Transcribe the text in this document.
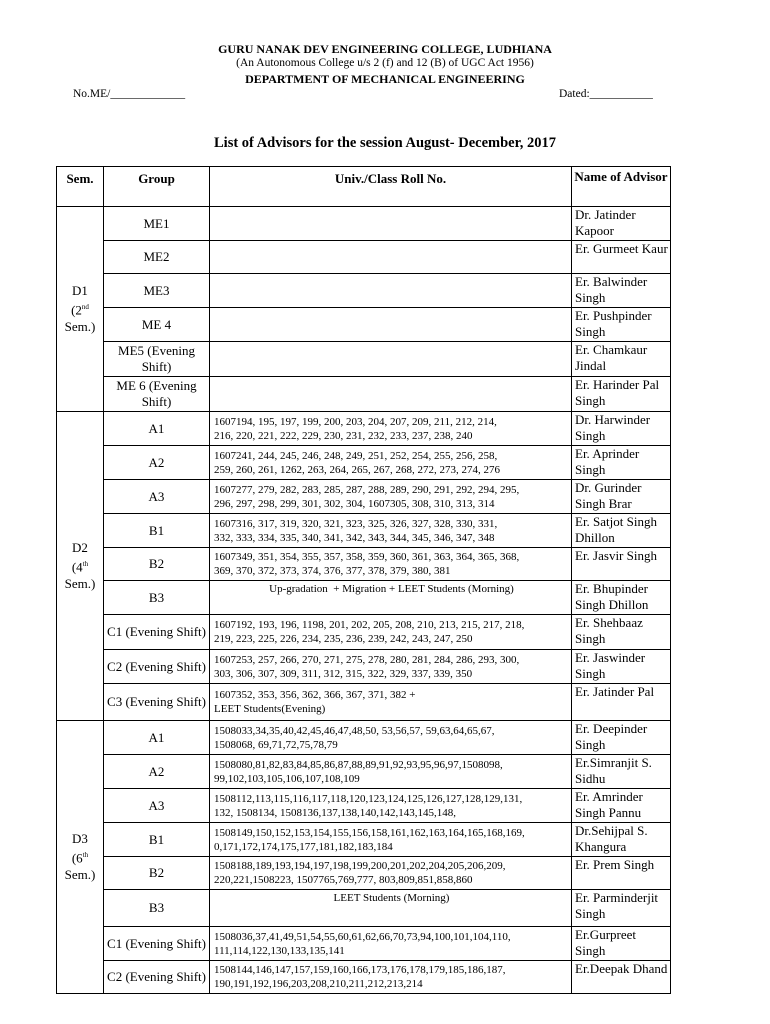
GURU NANAK DEV ENGINEERING COLLEGE, LUDHIANA
(An Autonomous College u/s 2 (f) and 12 (B) of UGC Act 1956)
DEPARTMENT OF MECHANICAL ENGINEERING
No.ME/_____________	Dated:___________
List of Advisors for the session August- December, 2017
Sem.	Group	Univ./Class Roll No.	Name of Advisor
D1
(2nd
Sem.)	ME1		Dr. Jatinder Kapoor
	ME2		Er. Gurmeet Kaur
	ME3		Er. Balwinder Singh
	ME 4		Er. Pushpinder Singh
	ME5 (Evening Shift)		Er. Chamkaur Jindal
	ME 6 (Evening Shift)		Er. Harinder Pal Singh
D2
(4th
Sem.)	A1	1607194, 195, 197, 199, 200, 203, 204, 207, 209, 211, 212, 214,
216, 220, 221, 222, 229, 230, 231, 232, 233, 237, 238, 240	Dr. Harwinder Singh
	A2	1607241, 244, 245, 246, 248, 249, 251, 252, 254, 255, 256, 258,
259, 260, 261, 1262, 263, 264, 265, 267, 268, 272, 273, 274, 276	Er. Aprinder Singh
	A3	1607277, 279, 282, 283, 285, 287, 288, 289, 290, 291, 292, 294, 295,
296, 297, 298, 299, 301, 302, 304, 1607305, 308, 310, 313, 314	Dr. Gurinder Singh Brar
	B1	1607316, 317, 319, 320, 321, 323, 325, 326, 327, 328, 330, 331,
332, 333, 334, 335, 340, 341, 342, 343, 344, 345, 346, 347, 348	Er. Satjot Singh Dhillon
	B2	1607349, 351, 354, 355, 357, 358, 359, 360, 361, 363, 364, 365, 368,
369, 370, 372, 373, 374, 376, 377, 378, 379, 380, 381	Er. Jasvir Singh
	B3	Up-gradation  + Migration + LEET Students (Morning)	Er. Bhupinder Singh Dhillon
	C1 (Evening Shift)	1607192, 193, 196, 1198, 201, 202, 205, 208, 210, 213, 215, 217, 218,
219, 223, 225, 226, 234, 235, 236, 239, 242, 243, 247, 250	Er. Shehbaaz Singh
	C2 (Evening Shift)	1607253, 257, 266, 270, 271, 275, 278, 280, 281, 284, 286, 293, 300,
303, 306, 307, 309, 311, 312, 315, 322, 329, 337, 339, 350	Er. Jaswinder Singh
	C3 (Evening Shift)	1607352, 353, 356, 362, 366, 367, 371, 382 +
LEET Students(Evening)	Er. Jatinder Pal
D3
(6th
Sem.)	A1	1508033,34,35,40,42,45,46,47,48,50, 53,56,57, 59,63,64,65,67,
1508068, 69,71,72,75,78,79	Er. Deepinder Singh
	A2	1508080,81,82,83,84,85,86,87,88,89,91,92,93,95,96,97,1508098,
99,102,103,105,106,107,108,109	Er.Simranjit S. Sidhu
	A3	1508112,113,115,116,117,118,120,123,124,125,126,127,128,129,131,
132, 1508134, 1508136,137,138,140,142,143,145,148,	Er. Amrinder Singh Pannu
	B1	1508149,150,152,153,154,155,156,158,161,162,163,164,165,168,169,
0,171,172,174,175,177,181,182,183,184	Dr.Sehijpal S. Khangura
	B2	1508188,189,193,194,197,198,199,200,201,202,204,205,206,209,
220,221,1508223, 1507765,769,777, 803,809,851,858,860	Er. Prem Singh
	B3	LEET Students (Morning)	Er. Parminderjit Singh
	C1 (Evening Shift)	1508036,37,41,49,51,54,55,60,61,62,66,70,73,94,100,101,104,110,
111,114,122,130,133,135,141	Er.Gurpreet Singh
	C2 (Evening Shift)	1508144,146,147,157,159,160,166,173,176,178,179,185,186,187,
190,191,192,196,203,208,210,211,212,213,214	Er.Deepak Dhand
